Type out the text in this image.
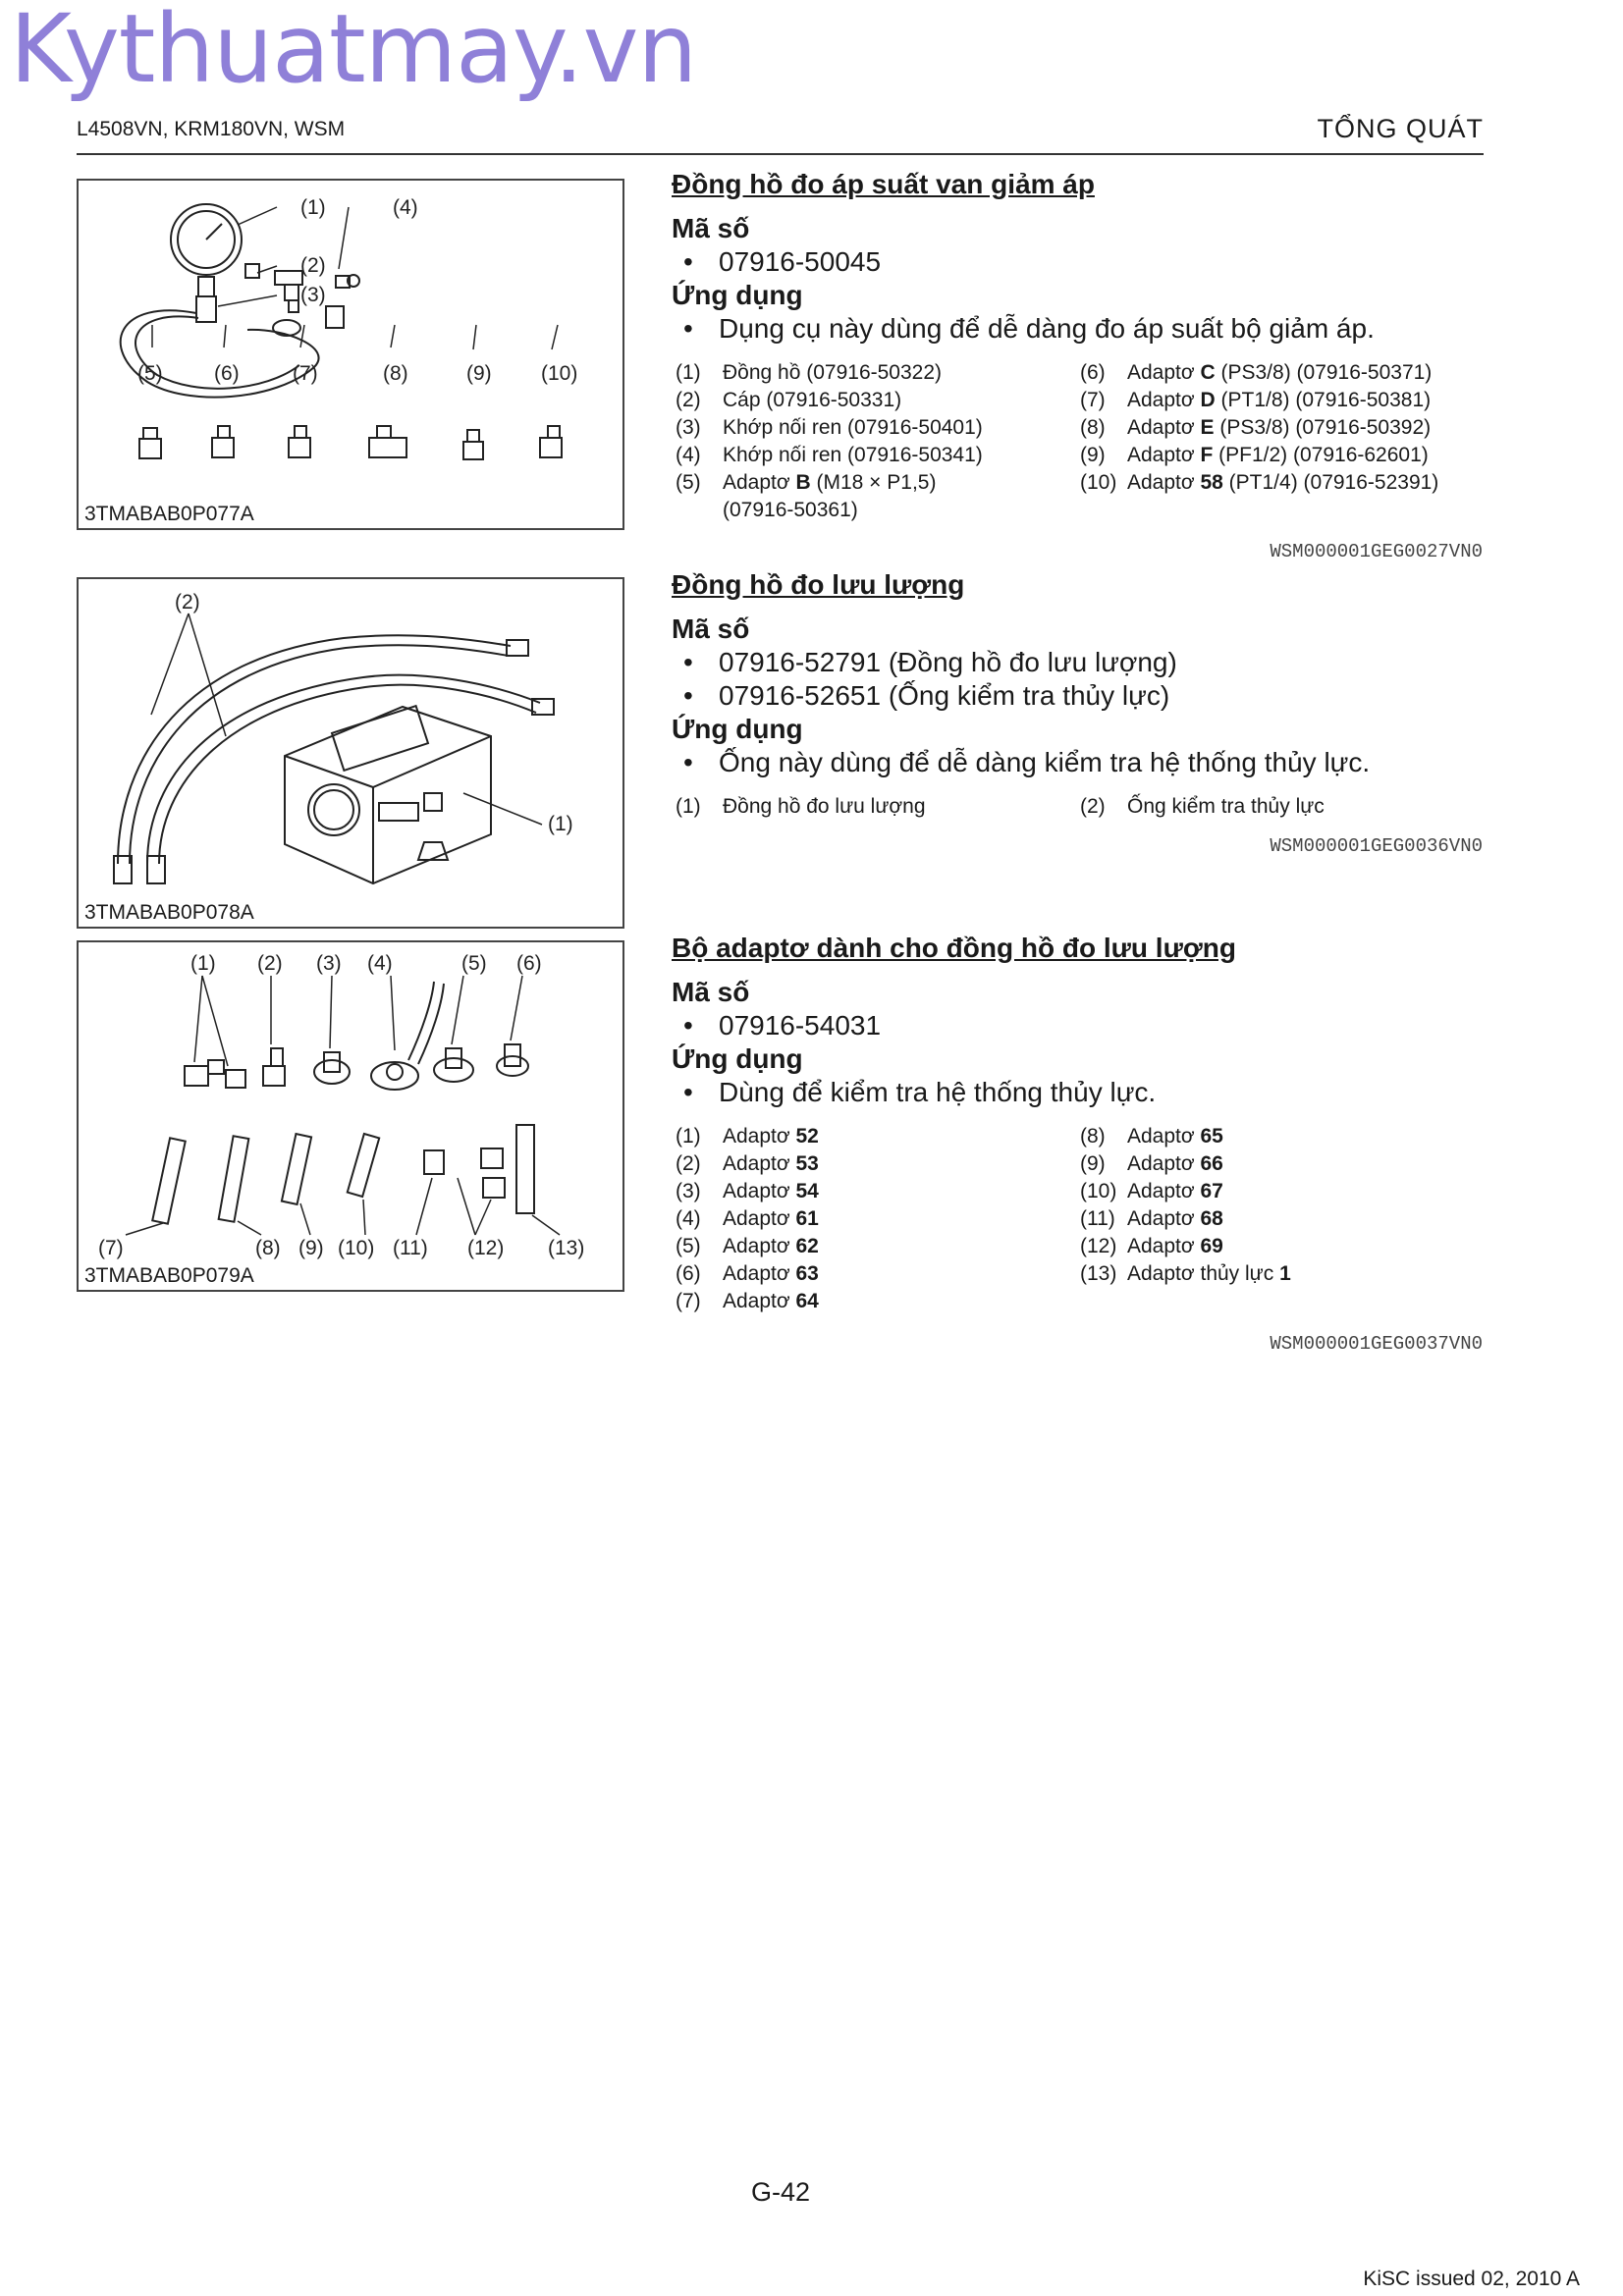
Kythuatmay.vn
L4508VN, KRM180VN, WSM	TỔNG QUÁT
(1)
(2)
(3)
(4)
(5) (6)	(7)	(8)	(9) (10)
3TMABAB0P077A
(2)
(1)
3TMABAB0P078A
(1) (2) (3) (4)	(5) (6)
(7)	(8) (9) (10) (11) (12) (13)
3TMABAB0P079A
Đồng hồ đo áp suất van giảm áp
Mã số
• 07916-50045
Ứng dụng
• Dụng cụ này dùng để dễ dàng đo áp suất bộ giảm áp.
(1)	Đồng hồ (07916-50322)
(2)	Cáp (07916-50331)
(3)	Khớp nối ren (07916-50401)
(4)	Khớp nối ren (07916-50341)
(5)	Adaptơ B (M18 × P1,5)
(07916-50361)
(6)	Adaptơ C (PS3/8) (07916-50371)
(7)	Adaptơ D (PT1/8) (07916-50381)
(8)	Adaptơ E (PS3/8) (07916-50392)
(9)	Adaptơ F (PF1/2) (07916-62601)
(10) Adaptơ 58 (PT1/4) (07916-52391)
WSM000001GEG0027VN0
Đồng hồ đo lưu lượng
Mã số
• 07916-52791 (Đồng hồ đo lưu lượng)
• 07916-52651 (Ống kiểm tra thủy lực)
Ứng dụng
• Ống này dùng để dễ dàng kiểm tra hệ thống thủy lực.
(1)	Đồng hồ đo lưu lượng	(2)	Ống kiểm tra thủy lực
WSM000001GEG0036VN0
Bộ adaptơ dành cho đồng hồ đo lưu lượng
Mã số
• 07916-54031
Ứng dụng
• Dùng để kiểm tra hệ thống thủy lực.
(1)	Adaptơ 52
(2)	Adaptơ 53
(3)	Adaptơ 54
(4)	Adaptơ 61
(5)	Adaptơ 62
(6)	Adaptơ 63
(7)	Adaptơ 64
(8)	Adaptơ 65
(9)	Adaptơ 66
(10) Adaptơ 67
(11) Adaptơ 68
(12) Adaptơ 69
(13) Adaptơ thủy lực 1
WSM000001GEG0037VN0
G-42
KiSC issued 02, 2010 A
